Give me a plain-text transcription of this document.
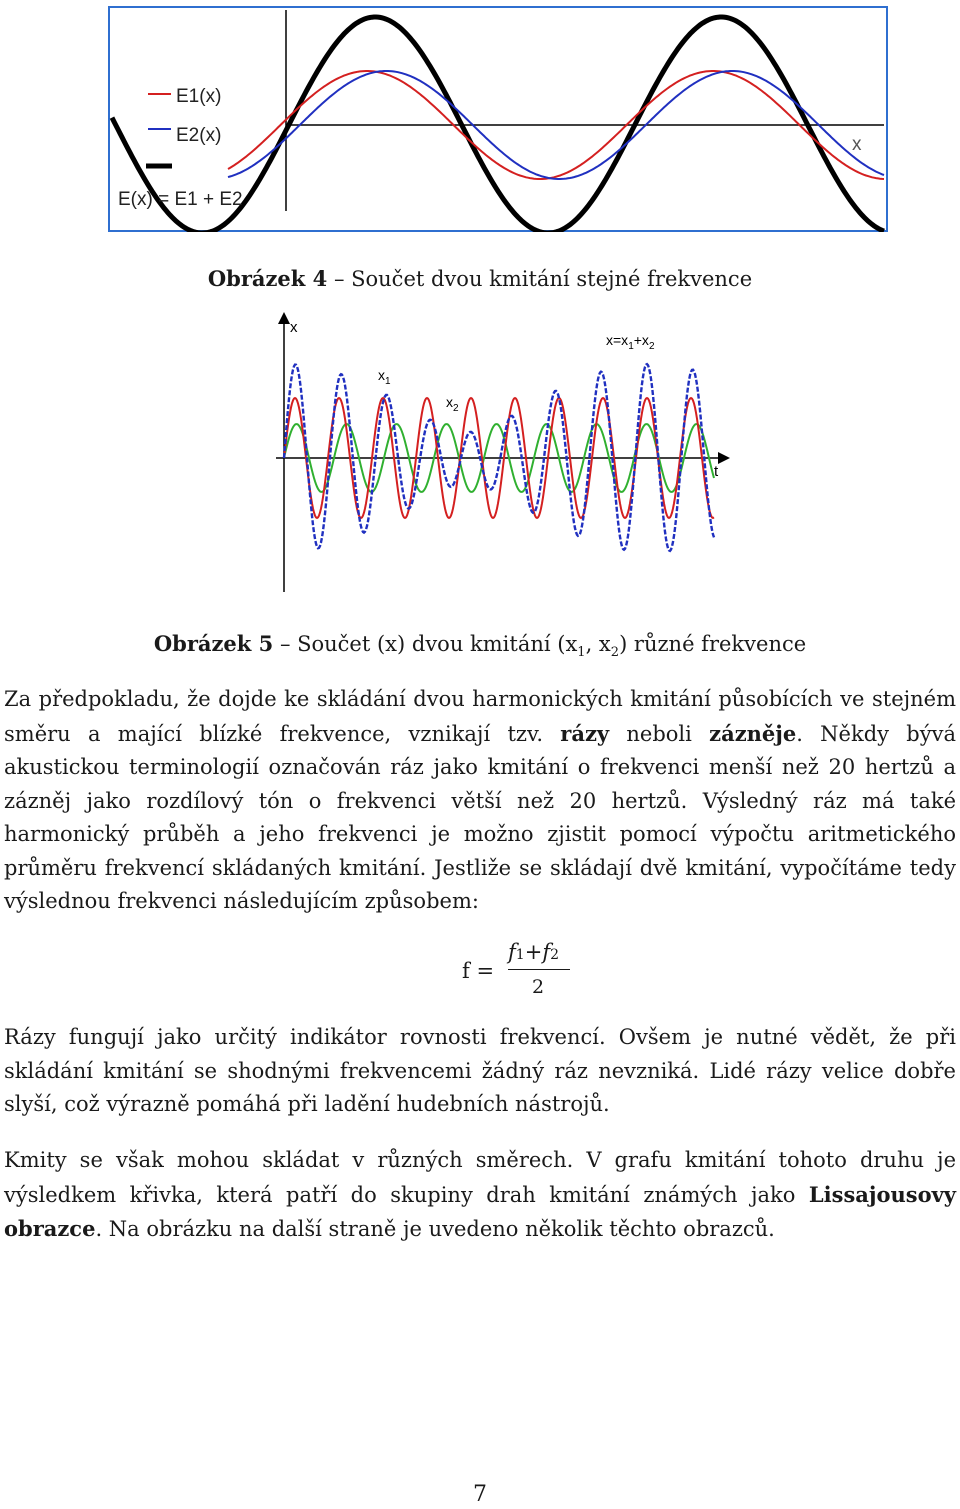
E1(x)
E2(x)
E(x) = E1 + E2
x
Obrázek 4 – Součet dvou kmitání stejné frekvence
x
t
$x_1$
$x_2$
$x=x_1+x_2$
Obrázek 5 – Součet (x) dvou kmitání ($x_1$, $x_2$) různé frekvence
Za předpokladu, že dojde ke skládání dvou harmonických kmitání působících ve stejném směru a mající blízké frekvence, vznikají tzv. rázy neboli zázněje. Někdy bývá akustickou terminologií označován ráz jako kmitání o frekvenci menší než 20 hertzů a zázněj jako rozdílový tón o frekvenci větší než 20 hertzů. Výsledný ráz má také harmonický průběh a jeho frekvenci je možno zjistit pomocí výpočtu aritmetického průměru frekvencí skládaných kmitání. Jestliže se skládají dvě kmitání, vypočítáme tedy výslednou frekvenci následujícím způsobem:
f =
𝑓1+𝑓2
2
Rázy fungují jako určitý indikátor rovnosti frekvencí. Ovšem je nutné vědět, že při skládání kmitání se shodnými frekvencemi žádný ráz nevzniká. Lidé rázy velice dobře slyší, což výrazně pomáhá při ladění hudebních nástrojů.
Kmity se však mohou skládat v různých směrech. V grafu kmitání tohoto druhu je výsledkem křivka, která patří do skupiny drah kmitání známých jako Lissajousovy obrazce. Na obrázku na další straně je uvedeno několik těchto obrazců.
7
